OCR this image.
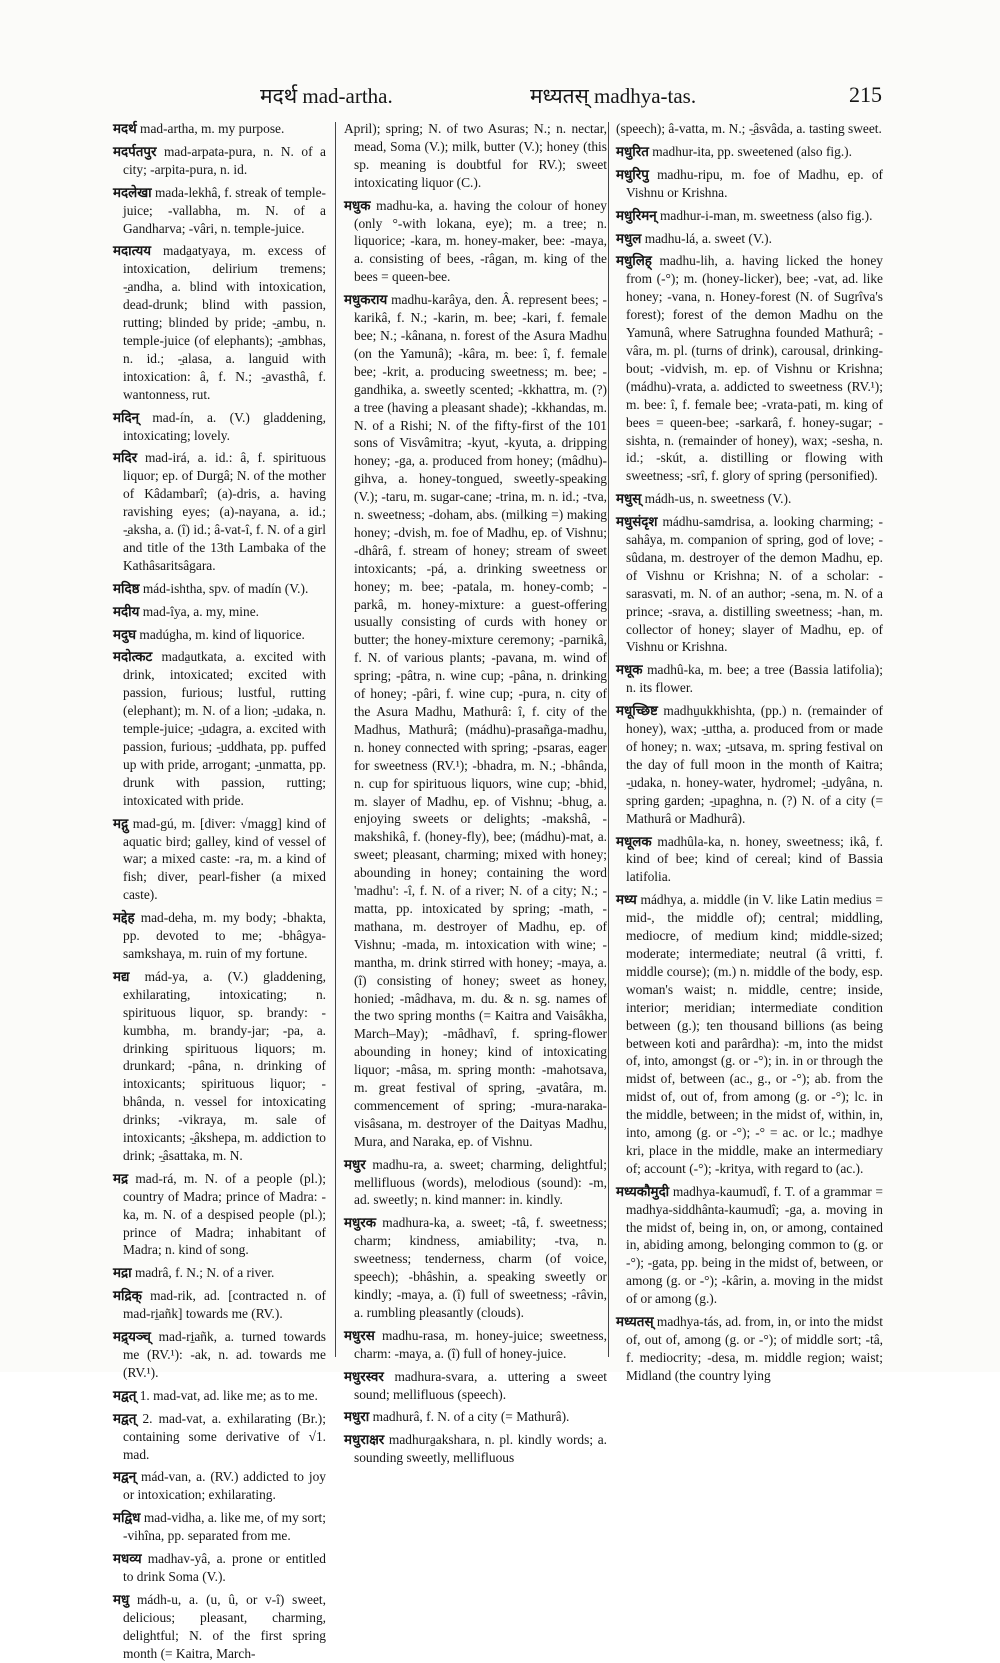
मदर्थ mad-artha.	मध्यतस् madhya-tas.	215

मदर्थ mad-artha, m. my purpose.

मदर्पतपुर mad-arpata-pura, n. N. of a city; -arpita-pura, n. id.

मदलेखा mada-lekhâ, f. streak of temple-juice; -vallabha, m. N. of a Gandharva; -vâri, n. temple-juice.

मदात्यय mada̱atyaya, m. excess of intoxication, delirium tremens; -̱andha, a. blind with intoxication, dead-drunk; blind with passion, rutting; blinded by pride; -̱ambu, n. temple-juice (of elephants); -̱ambhas, n. id.; -̱alasa, a. languid with intoxication: â, f. N.; -̱avasthâ, f. wantonness, rut.

मदिन् mad-ín, a. (V.) gladdening, intoxicating; lovely.

मदिर mad-irá, a. id.: â, f. spirituous liquor; ep. of Durgâ; N. of the mother of Kâdambarî; (a)-dris, a. having ravishing eyes; (a)-nayana, a. id.; -̱aksha, a. (î) id.; â-vat-î, f. N. of a girl and title of the 13th Lambaka of the Kathâsaritsâgara.

मदिष्ठ mád-ishtha, spv. of madín (V.).

मदीय mad-îya, a. my, mine.

मदुघ madúgha, m. kind of liquorice.

मदोत्कट mada̱utkata, a. excited with drink, intoxicated; excited with passion, furious; lustful, rutting (elephant); m. N. of a lion; -̱udaka, n. temple-juice; -̱udagra, a. excited with passion, furious; -̱uddhata, pp. puffed up with pride, arrogant; -̱unmatta, pp. drunk with passion, rutting; intoxicated with pride.

मद्गु mad-gú, m. [diver: √magg] kind of aquatic bird; galley, kind of vessel of war; a mixed caste: -ra, m. a kind of fish; diver, pearl-fisher (a mixed caste).

मद्देह mad-deha, m. my body; -bhakta, pp. devoted to me; -bhâgya-samkshaya, m. ruin of my fortune.

मद्य mád-ya, a. (V.) gladdening, exhilarating, intoxicating; n. spirituous liquor, sp. brandy: -kumbha, m. brandy-jar; -pa, a. drinking spirituous liquors; m. drunkard; -pâna, n. drinking of intoxicants; spirituous liquor; -bhânda, n. vessel for intoxicating drinks; -vikraya, m. sale of intoxicants; -̱âkshepa, m. addiction to drink; -̱âsattaka, m. N.

मद्र mad-rá, m. N. of a people (pl.); country of Madra; prince of Madra: -ka, m. N. of a despised people (pl.); prince of Madra; inhabitant of Madra; n. kind of song.

मद्रा madrâ, f. N.; N. of a river.

मद्रिक् mad-rik, ad. [contracted n. of mad-ri̱añk] towards me (RV.).

मद्र्यञ्च् mad-ri̱añk, a. turned towards me (RV.¹): -ak, n. ad. towards me (RV.¹).

मद्वत् 1. mad-vat, ad. like me; as to me.

मद्वत् 2. mad-vat, a. exhilarating (Br.); containing some derivative of √1. mad.

मद्वन् mád-van, a. (RV.) addicted to joy or intoxication; exhilarating.

मद्विध mad-vidha, a. like me, of my sort; -vihîna, pp. separated from me.

मधव्य madhav-yâ, a. prone or entitled to drink Soma (V.).

मधु mádh-u, a. (u, û, or v-î) sweet, delicious; pleasant, charming, delightful; N. of the first spring month (= Kaitra, March-

April); spring; N. of two Asuras; N.; n. nectar, mead, Soma (V.); milk, butter (V.); honey (this sp. meaning is doubtful for RV.); sweet intoxicating liquor (C.).

मधुक madhu-ka, a. having the colour of honey (only °-with lokana, eye); m. a tree; n. liquorice; -kara, m. honey-maker, bee: -maya, a. consisting of bees, -râgan, m. king of the bees = queen-bee.

मधुकराय madhu-karâya, den. Â. represent bees; -karikâ, f. N.; -karin, m. bee; -kari, f. female bee; N.; -kânana, n. forest of the Asura Madhu (on the Yamunâ); -kâra, m. bee: î, f. female bee; -krit, a. producing sweetness; m. bee; -gandhika, a. sweetly scented; -kkhattra, m. (?) a tree (having a pleasant shade); -kkhandas, m. N. of a Rishi; N. of the fifty-first of the 101 sons of Visvâmitra; -kyut, -kyuta, a. dripping honey; -ga, a. produced from honey; (mâdhu)-gihva, a. honey-tongued, sweetly-speaking (V.); -taru, m. sugar-cane; -trina, m. n. id.; -tva, n. sweetness; -doham, abs. (milking =) making honey; -dvish, m. foe of Madhu, ep. of Vishnu; -dhârâ, f. stream of honey; stream of sweet intoxicants; -pá, a. drinking sweetness or honey; m. bee; -patala, m. honey-comb; -parkâ, m. honey-mixture: a guest-offering usually consisting of curds with honey or butter; the honey-mixture ceremony; -parnikâ, f. N. of various plants; -pavana, m. wind of spring; -pâtra, n. wine cup; -pâna, n. drinking of honey; -pâri, f. wine cup; -pura, n. city of the Asura Madhu, Mathurâ: î, f. city of the Madhus, Mathurâ; (mádhu)-prasañga-madhu, n. honey connected with spring; -psaras, eager for sweetness (RV.¹); -bhadra, m. N.; -bhânda, n. cup for spirituous liquors, wine cup; -bhid, m. slayer of Madhu, ep. of Vishnu; -bhug, a. enjoying sweets or delights; -makshâ, -makshikâ, f. (honey-fly), bee; (mádhu)-mat, a. sweet; pleasant, charming; mixed with honey; abounding in honey; containing the word 'madhu': -î, f. N. of a river; N. of a city; N.; -matta, pp. intoxicated by spring; -math, -mathana, m. destroyer of Madhu, ep. of Vishnu; -mada, m. intoxication with wine; -mantha, m. drink stirred with honey; -maya, a. (î) consisting of honey; sweet as honey, honied; -mâdhava, m. du. & n. sg. names of the two spring months (= Kaitra and Vaisâkha, March–May); -mâdhavî, f. spring-flower abounding in honey; kind of intoxicating liquor; -mâsa, m. spring month: -mahotsava, m. great festival of spring, -̱avatâra, m. commencement of spring; -mura-naraka-visâsana, m. destroyer of the Daityas Madhu, Mura, and Naraka, ep. of Vishnu.

मधुर madhu-ra, a. sweet; charming, delightful; mellifluous (words), melodious (sound): -m, ad. sweetly; n. kind manner: in. kindly.

मधुरक madhura-ka, a. sweet; -tâ, f. sweetness; charm; kindness, amiability; -tva, n. sweetness; tenderness, charm (of voice, speech); -bhâshin, a. speaking sweetly or kindly; -maya, a. (î) full of sweetness; -râvin, a. rumbling pleasantly (clouds).

मधुरस madhu-rasa, m. honey-juice; sweetness, charm: -maya, a. (î) full of honey-juice.

मधुरस्वर madhura-svara, a. uttering a sweet sound; mellifluous (speech).

मधुरा madhurâ, f. N. of a city (= Mathurâ).

मधुराक्षर madhura̱akshara, n. pl. kindly words; a. sounding sweetly, mellifluous

(speech); â-vatta, m. N.; -̱âsvâda, a. tasting sweet.

मधुरित madhur-ita, pp. sweetened (also fig.).

मधुरिपु madhu-ripu, m. foe of Madhu, ep. of Vishnu or Krishna.

मधुरिमन् madhur-i-man, m. sweetness (also fig.).

मधुल madhu-lá, a. sweet (V.).

मधुलिह् madhu-lih, a. having licked the honey from (-°); m. (honey-licker), bee; -vat, ad. like honey; -vana, n. Honey-forest (N. of Sugrîva's forest); forest of the demon Madhu on the Yamunâ, where Satrughna founded Mathurâ; -vâra, m. pl. (turns of drink), carousal, drinking-bout; -vidvish, m. ep. of Vishnu or Krishna; (mádhu)-vrata, a. addicted to sweetness (RV.¹); m. bee: î, f. female bee; -vrata-pati, m. king of bees = queen-bee; -sarkarâ, f. honey-sugar; -sishta, n. (remainder of honey), wax; -sesha, n. id.; -skút, a. distilling or flowing with sweetness; -srî, f. glory of spring (personified).

मधुस् mádh-us, n. sweetness (V.).

मधुसंदृश mádhu-samdrisa, a. looking charming; -sahâya, m. companion of spring, god of love; -sûdana, m. destroyer of the demon Madhu, ep. of Vishnu or Krishna; N. of a scholar: -sarasvati, m. N. of an author; -sena, m. N. of a prince; -srava, a. distilling sweetness; -han, m. collector of honey; slayer of Madhu, ep. of Vishnu or Krishna.

मधूक madhû-ka, m. bee; a tree (Bassia latifolia); n. its flower.

मधूच्छिष्ट madhu̱ukkhishta, (pp.) n. (remainder of honey), wax; -̱uttha, a. produced from or made of honey; n. wax; -̱utsava, m. spring festival on the day of full moon in the month of Kaitra; -̱udaka, n. honey-water, hydromel; -̱udyâna, n. spring garden; -̱upaghna, n. (?) N. of a city (= Mathurâ or Madhurâ).

मधूलक madhûla-ka, n. honey, sweetness; ikâ, f. kind of bee; kind of cereal; kind of Bassia latifolia.

मध्य mádhya, a. middle (in V. like Latin medius = mid-, the middle of); central; middling, mediocre, of medium kind; middle-sized; moderate; intermediate; neutral (â vritti, f. middle course); (m.) n. middle of the body, esp. woman's waist; n. middle, centre; inside, interior; meridian; intermediate condition between (g.); ten thousand billions (as being between koti and parârdha): -m, into the midst of, into, amongst (g. or -°); in. in or through the midst of, between (ac., g., or -°); ab. from the midst of, out of, from among (g. or -°); lc. in the middle, between; in the midst of, within, in, into, among (g. or -°); -° = ac. or lc.; madhye kri, place in the middle, make an intermediary of; account (-°); -kritya, with regard to (ac.).

मध्यकौमुदी madhya-kaumudî, f. T. of a grammar = madhya-siddhânta-kaumudî; -ga, a. moving in the midst of, being in, on, or among, contained in, abiding among, belonging common to (g. or -°); -gata, pp. being in the midst of, between, or among (g. or -°); -kârin, a. moving in the midst of or among (g.).

मध्यतस् madhya-tás, ad. from, in, or into the midst of, out of, among (g. or -°); of middle sort; -tâ, f. mediocrity; -desa, m. middle region; waist; Midland (the country lying
